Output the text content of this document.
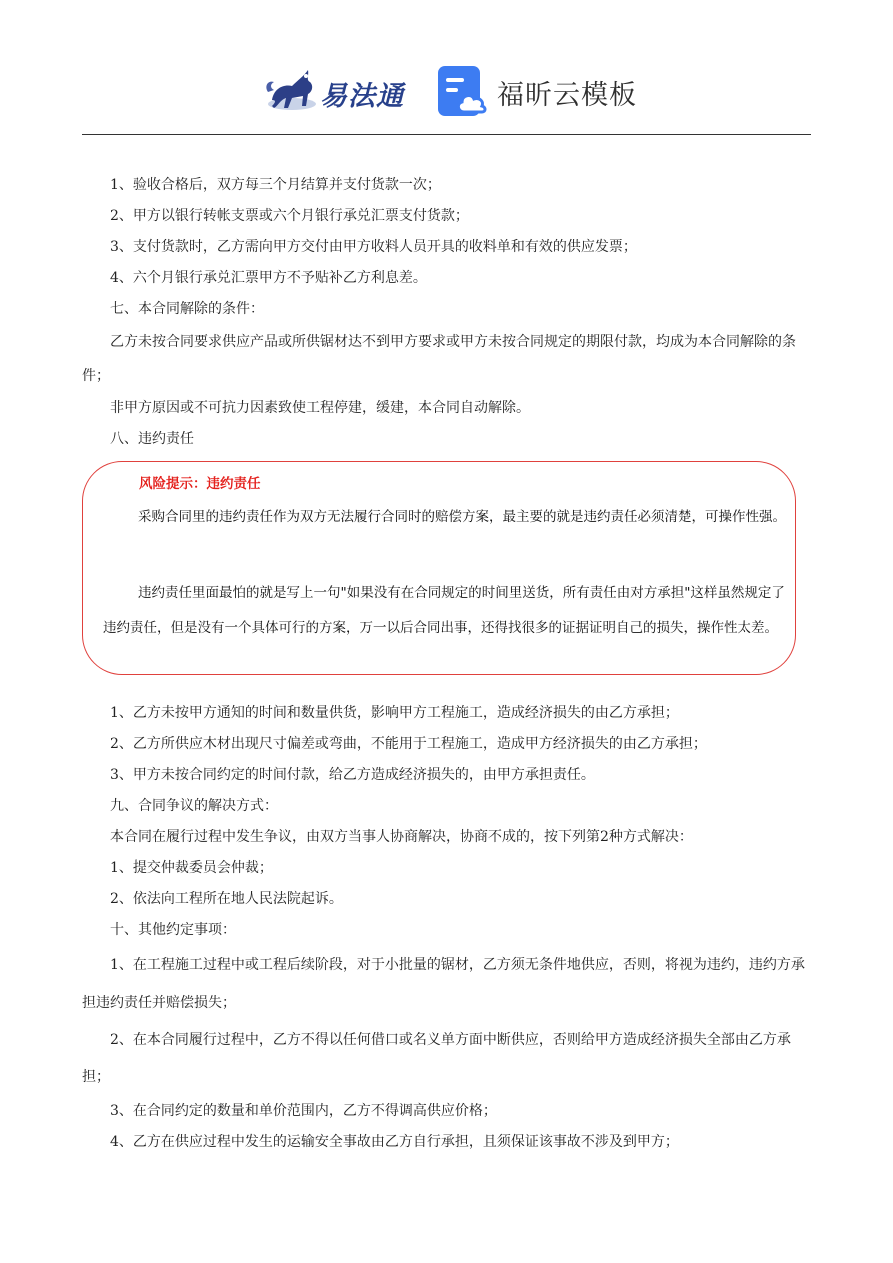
易法通	福昕云模板

1、验收合格后，双方每三个月结算并支付货款一次；

2、甲方以银行转帐支票或六个月银行承兑汇票支付货款；

3、支付货款时，乙方需向甲方交付由甲方收料人员开具的收料单和有效的供应发票；

4、六个月银行承兑汇票甲方不予贴补乙方利息差。

七、本合同解除的条件：

乙方未按合同要求供应产品或所供锯材达不到甲方要求或甲方未按合同规定的期限付款，均成为本合同解除的条件；

非甲方原因或不可抗力因素致使工程停建，缓建，本合同自动解除。

八、违约责任

风险提示：违约责任

采购合同里的违约责任作为双方无法履行合同时的赔偿方案，最主要的就是违约责任必须清楚，可操作性强。

违约责任里面最怕的就是写上一句"如果没有在合同规定的时间里送货，所有责任由对方承担"这样虽然规定了违约责任，但是没有一个具体可行的方案，万一以后合同出事，还得找很多的证据证明自己的损失，操作性太差。

1、乙方未按甲方通知的时间和数量供货，影响甲方工程施工，造成经济损失的由乙方承担；

2、乙方所供应木材出现尺寸偏差或弯曲，不能用于工程施工，造成甲方经济损失的由乙方承担；

3、甲方未按合同约定的时间付款，给乙方造成经济损失的，由甲方承担责任。

九、合同争议的解决方式：

本合同在履行过程中发生争议，由双方当事人协商解决，协商不成的，按下列第2种方式解决：

1、提交仲裁委员会仲裁；

2、依法向工程所在地人民法院起诉。

十、其他约定事项：

1、在工程施工过程中或工程后续阶段，对于小批量的锯材，乙方须无条件地供应，否则，将视为违约，违约方承担违约责任并赔偿损失；

2、在本合同履行过程中，乙方不得以任何借口或名义单方面中断供应，否则给甲方造成经济损失全部由乙方承担；

3、在合同约定的数量和单价范围内，乙方不得调高供应价格；

4、乙方在供应过程中发生的运输安全事故由乙方自行承担，且须保证该事故不涉及到甲方；
